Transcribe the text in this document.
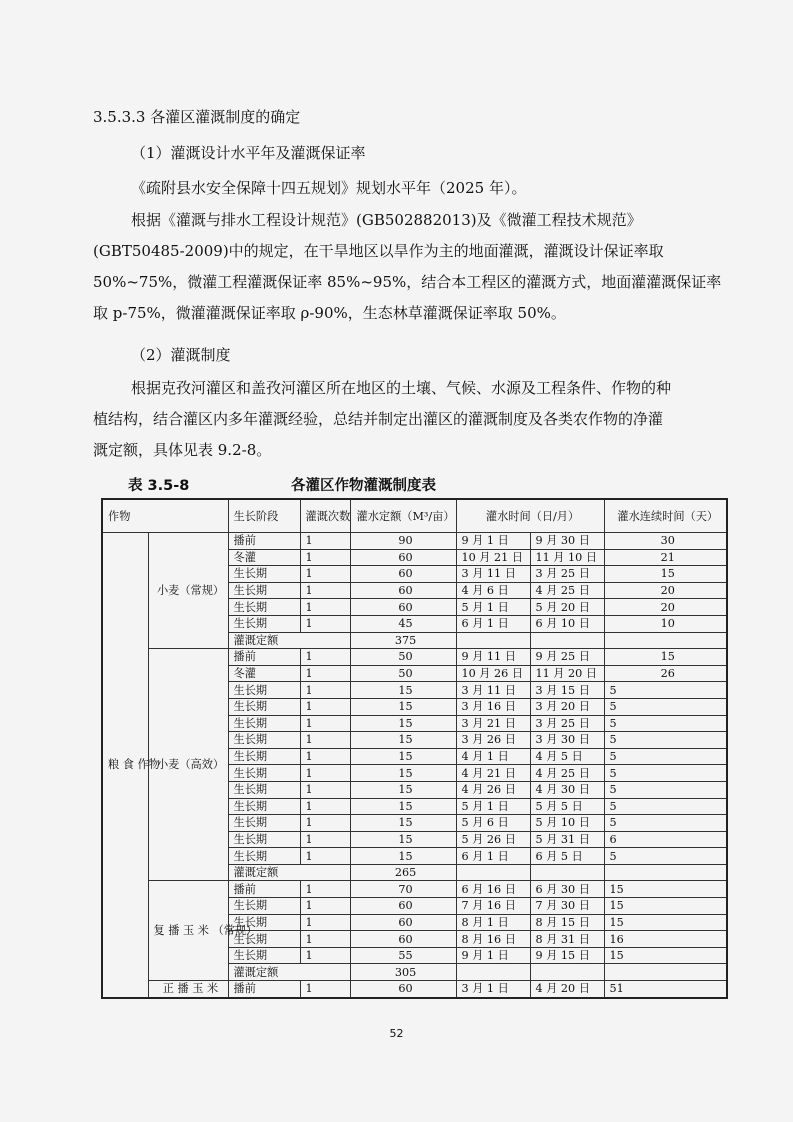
3.5.3.3 各灌区灌溉制度的确定
（1）灌溉设计水平年及灌溉保证率
《疏附县水安全保障十四五规划》规划水平年（2025 年）。
根据《灌溉与排水工程设计规范》(GB502882013)及《微灌工程技术规范》
(GBT50485-2009)中的规定，在干旱地区以旱作为主的地面灌溉，灌溉设计保证率取
50%~75%，微灌工程灌溉保证率 85%~95%，结合本工程区的灌溉方式，地面灌灌溉保证率
取 p-75%，微灌灌溉保证率取 ρ-90%，生态林草灌溉保证率取 50%。
（2）灌溉制度
根据克孜河灌区和盖孜河灌区所在地区的土壤、气候、水源及工程条件、作物的种
植结构，结合灌区内多年灌溉经验，总结并制定出灌区的灌溉制度及各类农作物的净灌
溉定额，具体见表 9.2-8。
表 3.5-8	各灌区作物灌溉制度表
作物		生长阶段	灌溉次数	灌水定额（M³/亩）	灌水时间（日/月）		灌水连续时间（天）
粮 食 作物	小麦（常规）	播前	1	90	9 月 1 日	9 月 30 日	30
		冬灌	1	60	10 月 21 日	11 月 10 日	21
		生长期	1	60	3 月 11 日	3 月 25 日	15
		生长期	1	60	4 月 6 日	4 月 25 日	20
		生长期	1	60	5 月 1 日	5 月 20 日	20
		生长期	1	45	6 月 1 日	6 月 10 日	10
		灌溉定额		375			
	小麦（高效）	播前	1	50	9 月 11 日	9 月 25 日	15
		冬灌	1	50	10 月 26 日	11 月 20 日	26
		生长期	1	15	3 月 11 日	3 月 15 日	5
		生长期	1	15	3 月 16 日	3 月 20 日	5
		生长期	1	15	3 月 21 日	3 月 25 日	5
		生长期	1	15	3 月 26 日	3 月 30 日	5
		生长期	1	15	4 月 1 日	4 月 5 日	5
		生长期	1	15	4 月 21 日	4 月 25 日	5
		生长期	1	15	4 月 26 日	4 月 30 日	5
		生长期	1	15	5 月 1 日	5 月 5 日	5
		生长期	1	15	5 月 6 日	5 月 10 日	5
		生长期	1	15	5 月 26 日	5 月 31 日	6
		生长期	1	15	6 月 1 日	6 月 5 日	5
		灌溉定额		265			
	复 播 玉 米 （常规）	播前	1	70	6 月 16 日	6 月 30 日	15
		生长期	1	60	7 月 16 日	7 月 30 日	15
		生长期	1	60	8 月 1 日	8 月 15 日	15
		生长期	1	60	8 月 16 日	8 月 31 日	16
		生长期	1	55	9 月 1 日	9 月 15 日	15
		灌溉定额		305			
	正 播 玉 米	播前	1	60	3 月 1 日	4 月 20 日	51
52
